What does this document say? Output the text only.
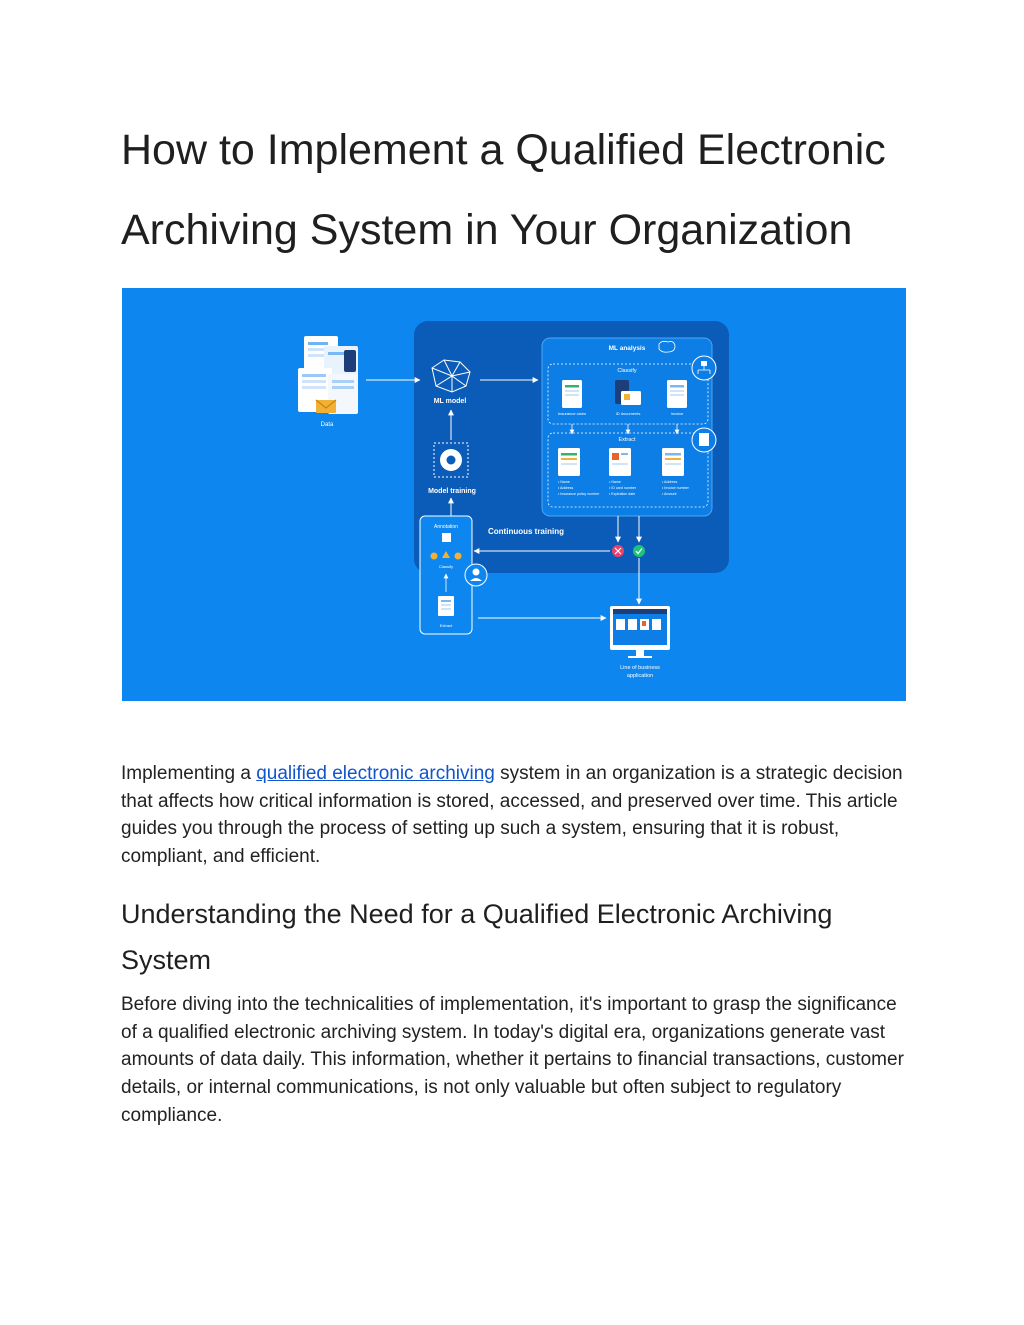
How to Implement a Qualified Electronic
Archiving System in Your Organization
Data
ML model
Model training
ML analysis
Classify
Insurance claim	ID documents	Invoice
Extract
• Name
• Address
• Insurance policy number
• Name
• ID card number
• Expiration date
• Address
• Invoice number
• Amount
Continuous training
Annotation
Classify
Extract
Line of business
application

Implementing a qualified electronic archiving system in an organization is a strategic decision that affects how critical information is stored, accessed, and preserved over time. This article guides you through the process of setting up such a system, ensuring that it is robust, compliant, and efficient.

Understanding the Need for a Qualified Electronic Archiving
System

Before diving into the technicalities of implementation, it's important to grasp the significance of a qualified electronic archiving system. In today's digital era, organizations generate vast amounts of data daily. This information, whether it pertains to financial transactions, customer details, or internal communications, is not only valuable but often subject to regulatory compliance.
